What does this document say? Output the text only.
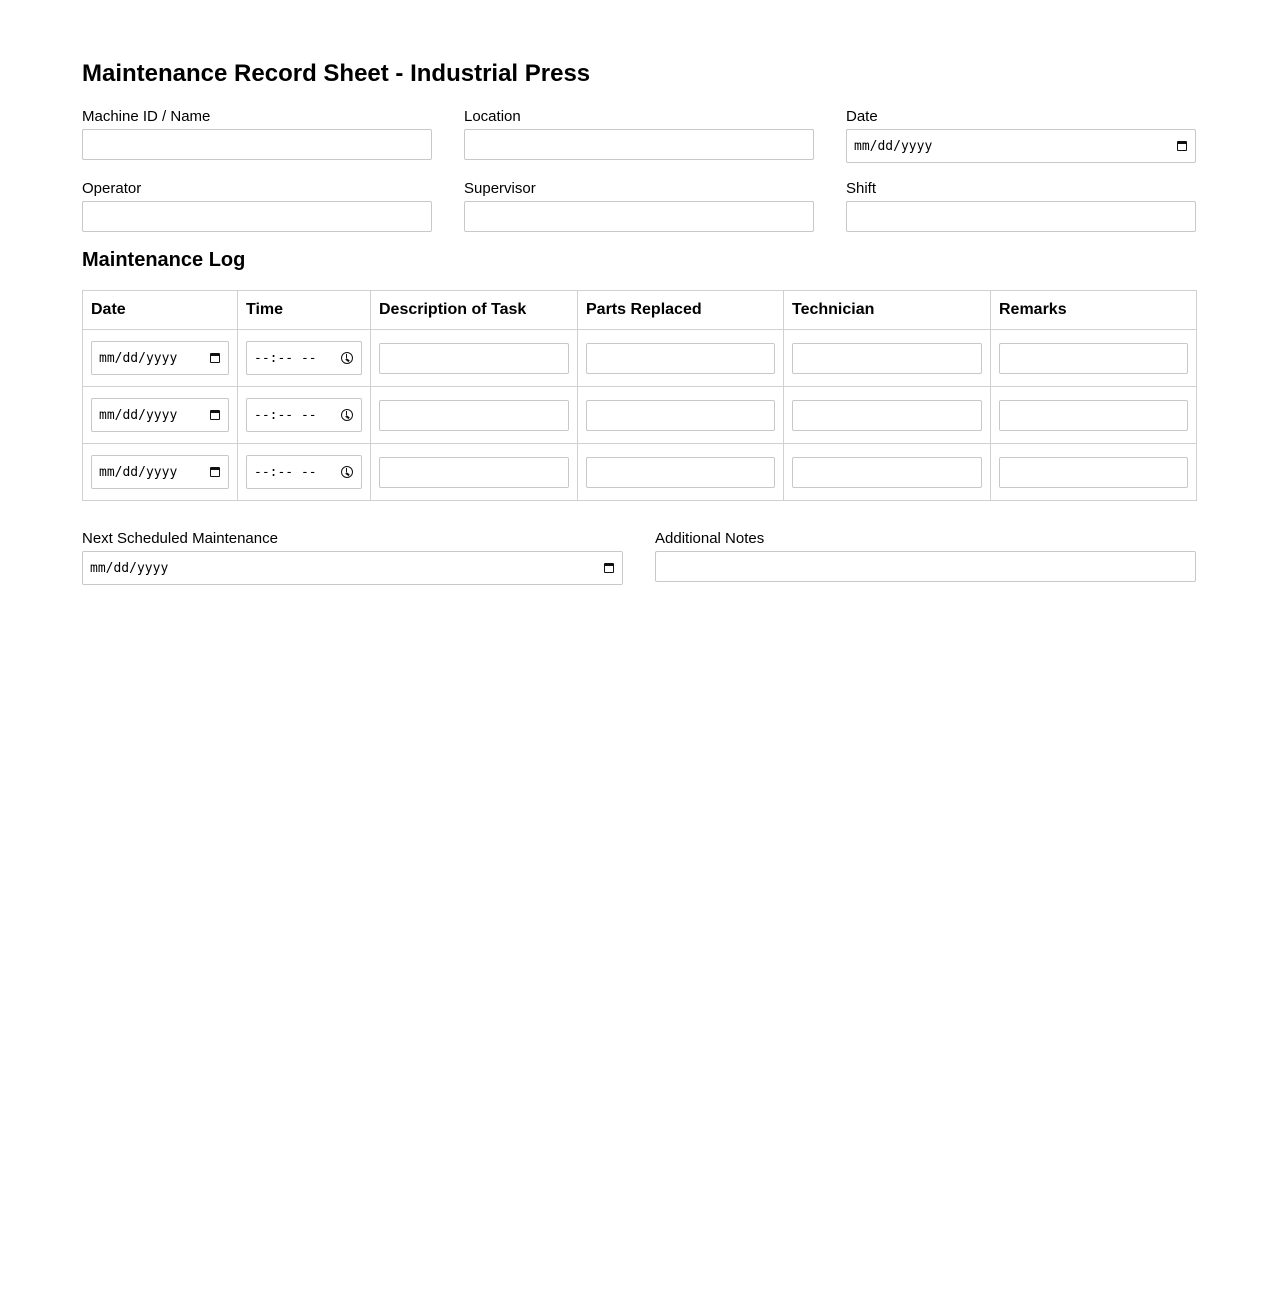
Maintenance Record Sheet - Industrial Press
Machine ID / Name	Location	Date
mm/dd/yyyy
Operator	Supervisor	Shift
Maintenance Log
Date	Time	Description of Task	Parts Replaced	Technician	Remarks

mm/dd/yyyy	--:-- --				

mm/dd/yyyy	--:-- --				

mm/dd/yyyy	--:-- --				

Next Scheduled Maintenance
mm/dd/yyyy
Additional Notes
